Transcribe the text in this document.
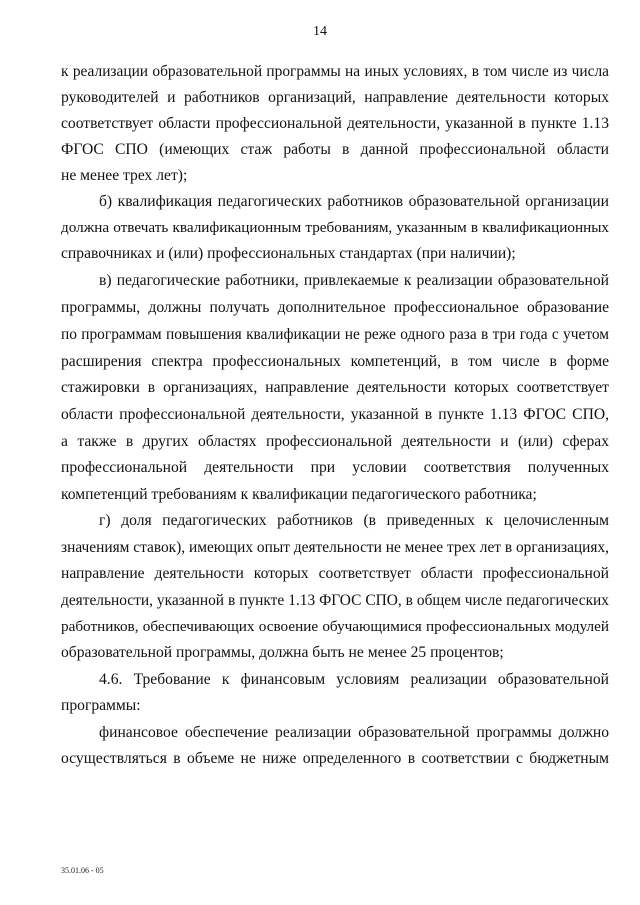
14
к реализации образовательной программы на иных условиях, в том числе из числа
руководителей и работников организаций, направление деятельности которых
соответствует области профессиональной деятельности, указанной в пункте 1.13
ФГОС СПО (имеющих стаж работы в данной профессиональной области
не менее трех лет);
б) квалификация педагогических работников образовательной организации
должна отвечать квалификационным требованиям, указанным в квалификационных
справочниках и (или) профессиональных стандартах (при наличии);
в) педагогические работники, привлекаемые к реализации образовательной
программы, должны получать дополнительное профессиональное образование
по программам повышения квалификации не реже одного раза в три года с учетом
расширения спектра профессиональных компетенций, в том числе в форме
стажировки в организациях, направление деятельности которых соответствует
области профессиональной деятельности, указанной в пункте 1.13 ФГОС СПО,
а также в других областях профессиональной деятельности и (или) сферах
профессиональной деятельности при условии соответствия полученных
компетенций требованиям к квалификации педагогического работника;
г) доля педагогических работников (в приведенных к целочисленным
значениям ставок), имеющих опыт деятельности не менее трех лет в организациях,
направление деятельности которых соответствует области профессиональной
деятельности, указанной в пункте 1.13 ФГОС СПО, в общем числе педагогических
работников, обеспечивающих освоение обучающимися профессиональных модулей
образовательной программы, должна быть не менее 25 процентов;
4.6. Требование к финансовым условиям реализации образовательной
программы:
финансовое обеспечение реализации образовательной программы должно
осуществляться в объеме не ниже определенного в соответствии с бюджетным
35.01.06 - 05
